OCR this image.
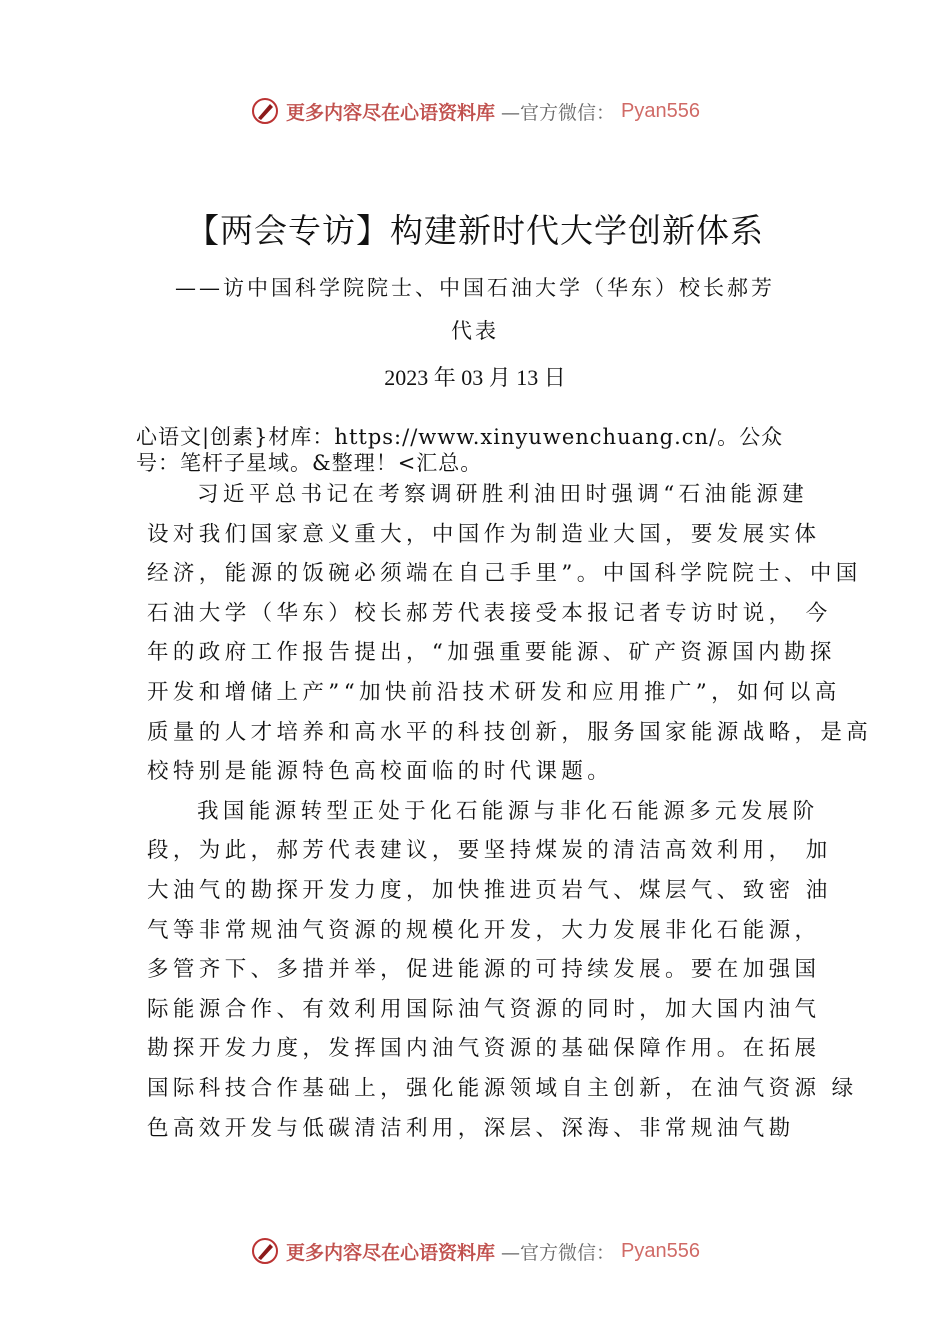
更多内容尽在心语资料库 —官方微信： Pyan556
【两会专访】构建新时代大学创新体系
——访中国科学院院士、中国石油大学（华东）校长郝芳
代表
2023 年 03 月 13 日
心语文|创素}材库：https://www.xinyuwenchuang.cn/。公众
号：笔杆子星域。&整理！<汇总。
习近平总书记在考察调研胜利油田时强调“石油能源建
设对我们国家意义重大，中国作为制造业大国，要发展实体
经济，能源的饭碗必须端在自己手里”。中国科学院院士、中国
石油大学（华东）校长郝芳代表接受本报记者专访时说， 今
年的政府工作报告提出，“加强重要能源、矿产资源国内勘探
开发和增储上产”“加快前沿技术研发和应用推广”，如何以高
质量的人才培养和高水平的科技创新，服务国家能源战略，是高
校特别是能源特色高校面临的时代课题。
我国能源转型正处于化石能源与非化石能源多元发展阶
段，为此，郝芳代表建议，要坚持煤炭的清洁高效利用， 加
大油气的勘探开发力度，加快推进页岩气、煤层气、致密 油
气等非常规油气资源的规模化开发，大力发展非化石能源，
多管齐下、多措并举，促进能源的可持续发展。要在加强国
际能源合作、有效利用国际油气资源的同时，加大国内油气
勘探开发力度，发挥国内油气资源的基础保障作用。在拓展
国际科技合作基础上，强化能源领域自主创新，在油气资源 绿
色高效开发与低碳清洁利用，深层、深海、非常规油气勘
更多内容尽在心语资料库 —官方微信： Pyan556
